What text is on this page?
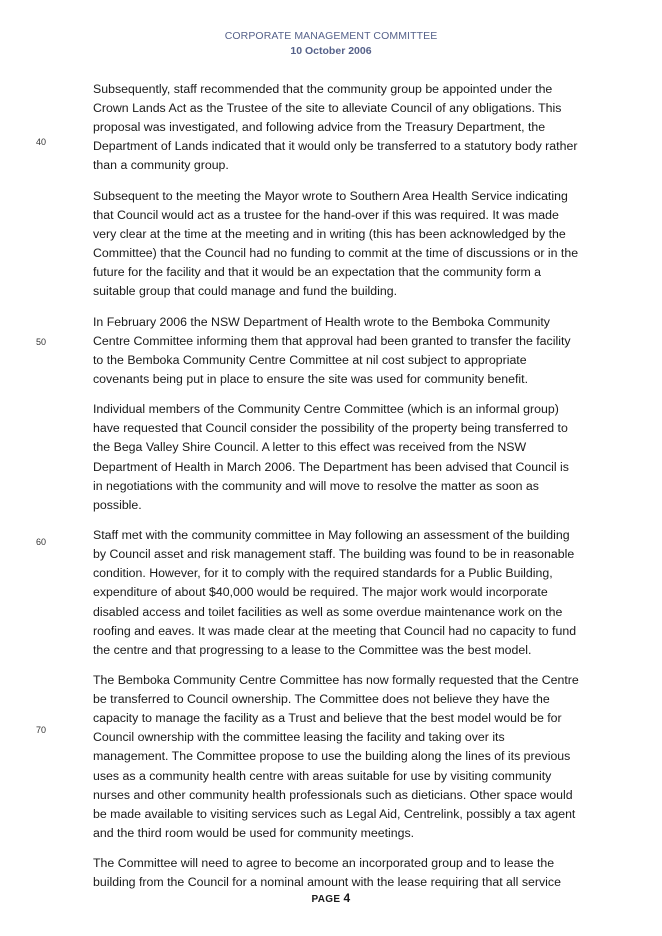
CORPORATE MANAGEMENT COMMITTEE
10 October 2006
40
50
60
70

Subsequently, staff recommended that the community group be appointed under the Crown Lands Act as the Trustee of the site to alleviate Council of any obligations. This proposal was investigated, and following advice from the Treasury Department, the Department of Lands indicated that it would only be transferred to a statutory body rather than a community group.

Subsequent to the meeting the Mayor wrote to Southern Area Health Service indicating that Council would act as a trustee for the hand-over if this was required. It was made very clear at the time at the meeting and in writing (this has been acknowledged by the Committee) that the Council had no funding to commit at the time of discussions or in the future for the facility and that it would be an expectation that the community form a suitable group that could manage and fund the building.

In February 2006 the NSW Department of Health wrote to the Bemboka Community Centre Committee informing them that approval had been granted to transfer the facility to the Bemboka Community Centre Committee at nil cost subject to appropriate covenants being put in place to ensure the site was used for community benefit.

Individual members of the Community Centre Committee (which is an informal group) have requested that Council consider the possibility of the property being transferred to the Bega Valley Shire Council. A letter to this effect was received from the NSW Department of Health in March 2006. The Department has been advised that Council is in negotiations with the community and will move to resolve the matter as soon as possible.

Staff met with the community committee in May following an assessment of the building by Council asset and risk management staff. The building was found to be in reasonable condition. However, for it to comply with the required standards for a Public Building, expenditure of about $40,000 would be required. The major work would incorporate disabled access and toilet facilities as well as some overdue maintenance work on the roofing and eaves. It was made clear at the meeting that Council had no capacity to fund the centre and that progressing to a lease to the Committee was the best model.

The Bemboka Community Centre Committee has now formally requested that the Centre be transferred to Council ownership. The Committee does not believe they have the capacity to manage the facility as a Trust and believe that the best model would be for Council ownership with the committee leasing the facility and taking over its management. The Committee propose to use the building along the lines of its previous uses as a community health centre with areas suitable for use by visiting community nurses and other community health professionals such as dieticians. Other space would be made available to visiting services such as Legal Aid, Centrelink, possibly a tax agent and the third room would be used for community meetings.

The Committee will need to agree to become an incorporated group and to lease the building from the Council for a nominal amount with the lease requiring that all service

PAGE 4
